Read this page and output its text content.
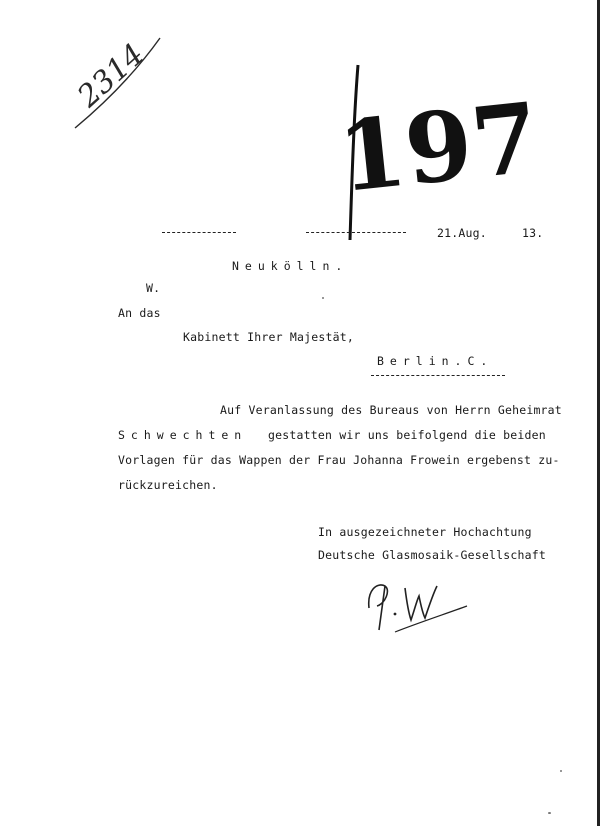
2314
197
21.Aug.	13.
Neukölln.
W.
An das
Kabinett Ihrer Majestät,
Berlin.C.
Auf Veranlassung des Bureaus von Herrn Geheimrat
Schwechten gestatten wir uns beifolgend die beiden
Vorlagen für das Wappen der Frau Johanna Frowein ergebenst zu-
rückzureichen.
In ausgezeichneter Hochachtung
Deutsche Glasmosaik-Gesellschaft
